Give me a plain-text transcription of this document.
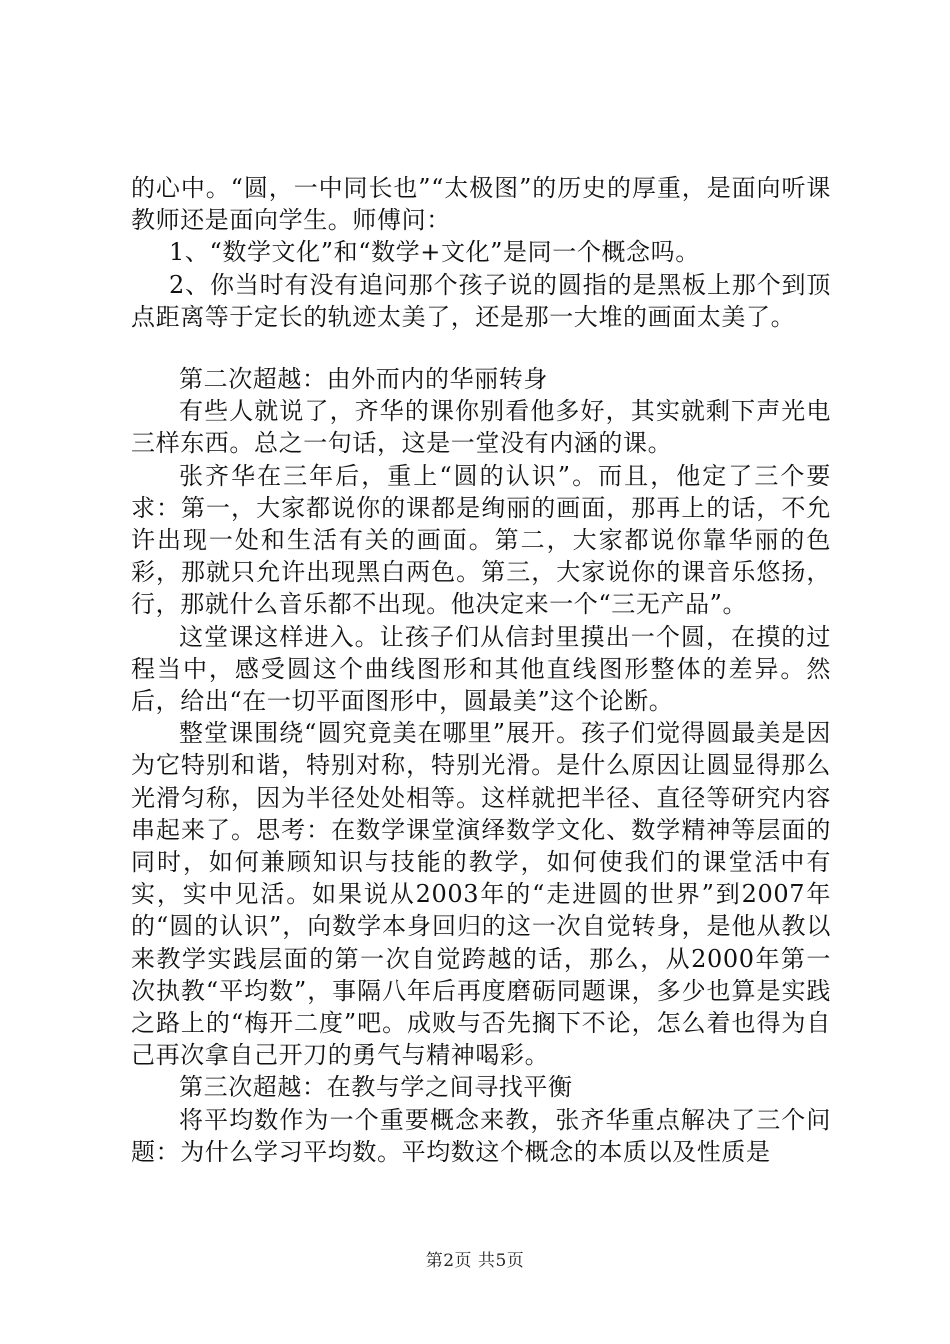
的心中。“圆，一中同长也”“太极图”的历史的厚重，是面向听课教师还是面向学生。师傅问：

1、“数学文化”和“数学+文化”是同一个概念吗。

2、你当时有没有追问那个孩子说的圆指的是黑板上那个到顶点距离等于定长的轨迹太美了，还是那一大堆的画面太美了。

第二次超越：由外而内的华丽转身

有些人就说了，齐华的课你别看他多好，其实就剩下声光电三样东西。总之一句话，这是一堂没有内涵的课。

张齐华在三年后，重上“圆的认识”。而且，他定了三个要求：第一，大家都说你的课都是绚丽的画面，那再上的话，不允许出现一处和生活有关的画面。第二，大家都说你靠华丽的色彩，那就只允许出现黑白两色。第三，大家说你的课音乐悠扬，行，那就什么音乐都不出现。他决定来一个“三无产品”。

这堂课这样进入。让孩子们从信封里摸出一个圆，在摸的过程当中，感受圆这个曲线图形和其他直线图形整体的差异。然后，给出“在一切平面图形中，圆最美”这个论断。

整堂课围绕“圆究竟美在哪里”展开。孩子们觉得圆最美是因为它特别和谐，特别对称，特别光滑。是什么原因让圆显得那么光滑匀称，因为半径处处相等。这样就把半径、直径等研究内容串起来了。思考：在数学课堂演绎数学文化、数学精神等层面的同时，如何兼顾知识与技能的教学，如何使我们的课堂活中有实，实中见活。如果说从2003年的“走进圆的世界”到2007年的“圆的认识”，向数学本身回归的这一次自觉转身，是他从教以来教学实践层面的第一次自觉跨越的话，那么，从2000年第一次执教“平均数”，事隔八年后再度磨砺同题课，多少也算是实践之路上的“梅开二度”吧。成败与否先搁下不论，怎么着也得为自己再次拿自己开刀的勇气与精神喝彩。

第三次超越：在教与学之间寻找平衡

将平均数作为一个重要概念来教，张齐华重点解决了三个问题：为什么学习平均数。平均数这个概念的本质以及性质是

第2页 共5页
